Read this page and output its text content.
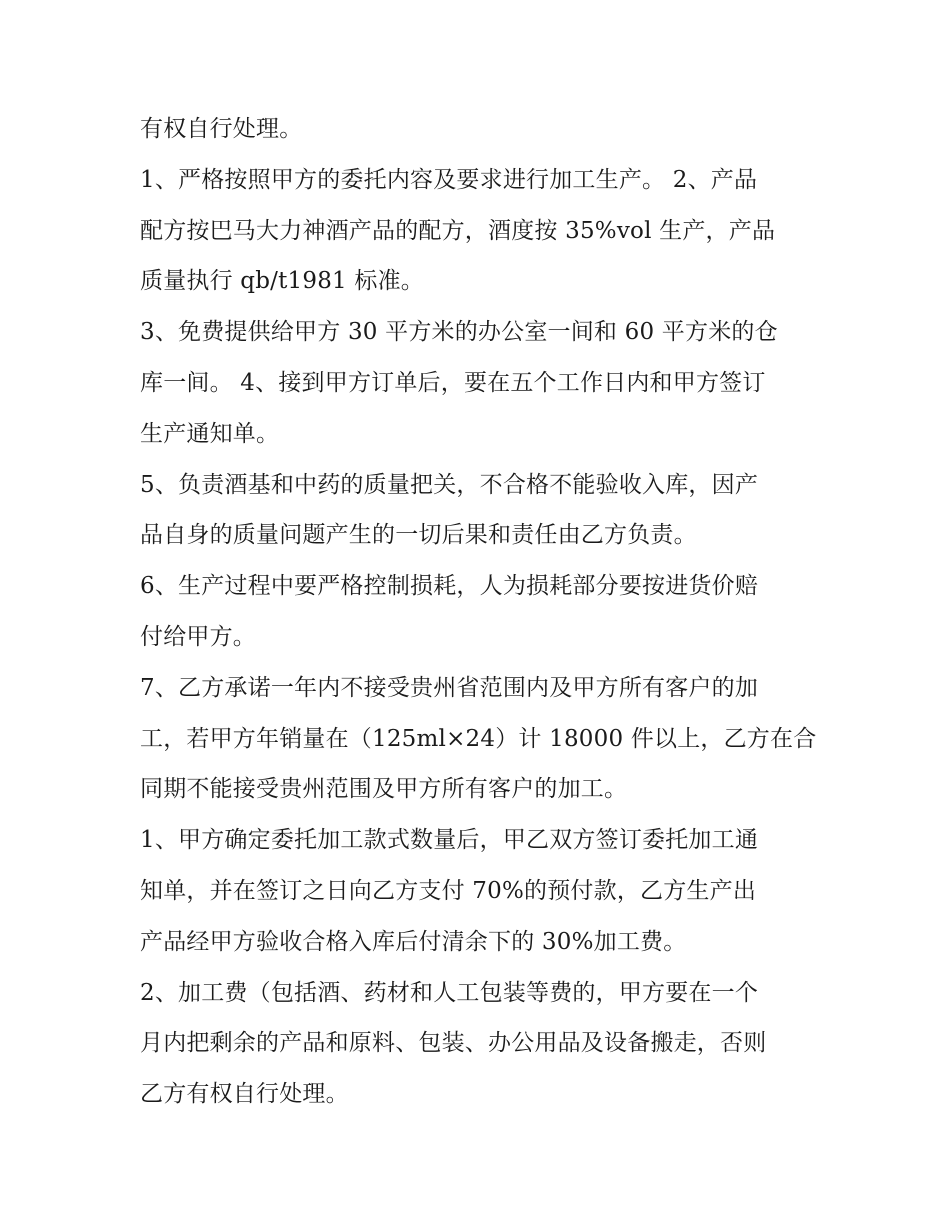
有权自行处理。
1、严格按照甲方的委托内容及要求进行加工生产。 2、产品
配方按巴马大力神酒产品的配方，酒度按 35%vol 生产，产品
质量执行 qb/t1981 标准。
3、免费提供给甲方 30 平方米的办公室一间和 60 平方米的仓
库一间。 4、接到甲方订单后，要在五个工作日内和甲方签订
生产通知单。
5、负责酒基和中药的质量把关，不合格不能验收入库，因产
品自身的质量问题产生的一切后果和责任由乙方负责。
6、生产过程中要严格控制损耗，人为损耗部分要按进货价赔
付给甲方。
7、乙方承诺一年内不接受贵州省范围内及甲方所有客户的加
工，若甲方年销量在（125ml×24）计 18000 件以上，乙方在合
同期不能接受贵州范围及甲方所有客户的加工。
1、甲方确定委托加工款式数量后，甲乙双方签订委托加工通
知单，并在签订之日向乙方支付 70%的预付款，乙方生产出
产品经甲方验收合格入库后付清余下的 30%加工费。
2、加工费（包括酒、药材和人工包装等费的，甲方要在一个
月内把剩余的产品和原料、包装、办公用品及设备搬走，否则
乙方有权自行处理。
